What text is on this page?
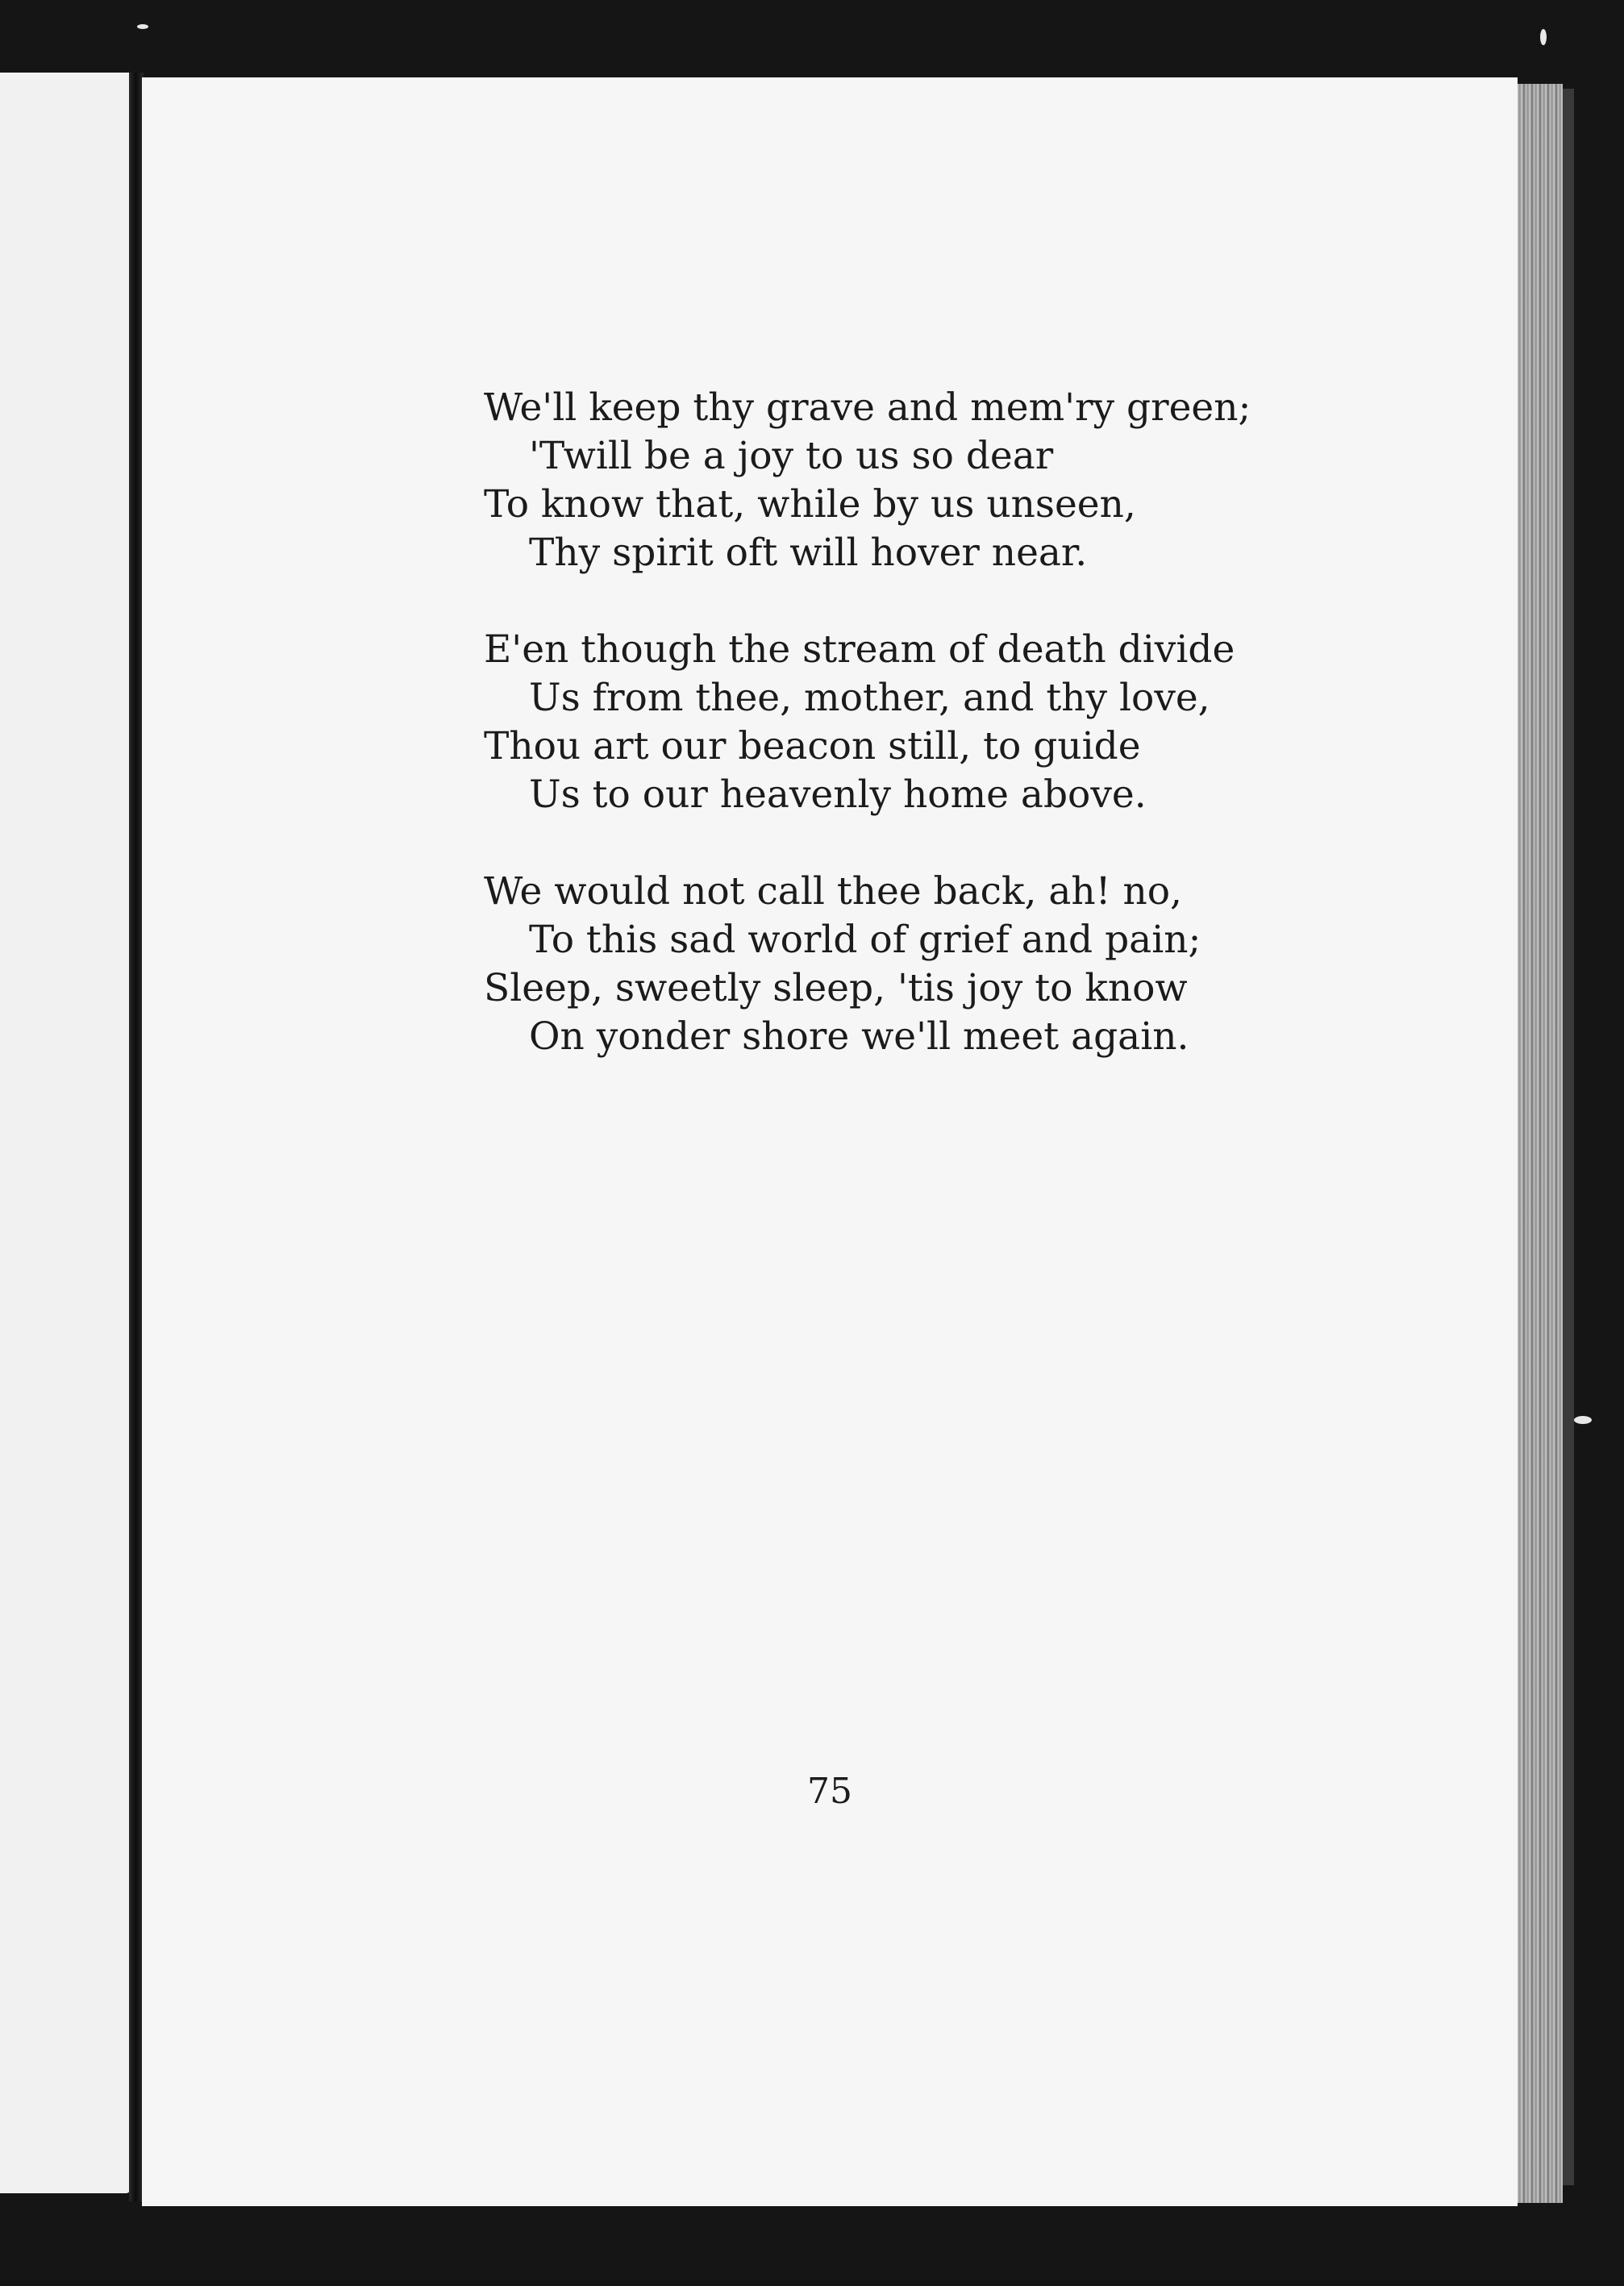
We'll keep thy grave and mem'ry green;
'Twill be a joy to us so dear
To know that, while by us unseen,
Thy spirit oft will hover near.
E'en though the stream of death divide
Us from thee, mother, and thy love,
Thou art our beacon still, to guide
Us to our heavenly home above.
We would not call thee back, ah! no,
To this sad world of grief and pain;
Sleep, sweetly sleep, 'tis joy to know
On yonder shore we'll meet again.
75
